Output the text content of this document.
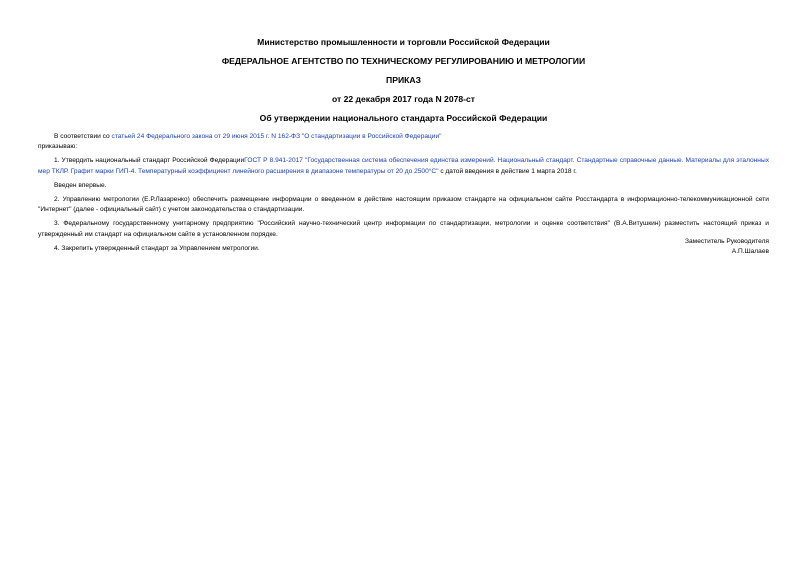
Министерство промышленности и торговли Российской Федерации
ФЕДЕРАЛЬНОЕ АГЕНТСТВО ПО ТЕХНИЧЕСКОМУ РЕГУЛИРОВАНИЮ И МЕТРОЛОГИИ
ПРИКАЗ
от 22 декабря 2017 года N 2078-ст
Об утверждении национального стандарта Российской Федерации

В соответствии со статьей 24 Федерального закона от 29 июня 2015 г. N 162-ФЗ "О стандартизации в Российской Федерации"

приказываю:

1. Утвердить национальный стандарт Российской ФедерацииГОСТ Р 8.941-2017 "Государственная система обеспечения единства измерений. Национальный стандарт. Стандартные справочные данные. Материалы для эталонных мер ТКЛР. Графит марки ГИП-4. Температурный коэффициент линейного расширения в диапазоне температуры от 20 до 2500°С" с датой введения в действие 1 марта 2018 г.

Введен впервые.

2. Управлению метрологии (Е.Р.Лазаренко) обеспечить размещение информации о введенном в действие настоящим приказом стандарте на официальном сайте Росстандарта в информационно-телекоммуникационной сети "Интернет" (далее - официальный сайт) с учетом законодательства о стандартизации.

3. Федеральному государственному унитарному предприятию "Российский научно-технический центр информации по стандартизации, метрологии и оценке соответствия" (В.А.Витушкин) разместить настоящий приказ и утвержденный им стандарт на официальном сайте в установленном порядке.

4. Закрепить утвержденный стандарт за Управлением метрологии.

Заместитель Руководителя
А.П.Шалаев
